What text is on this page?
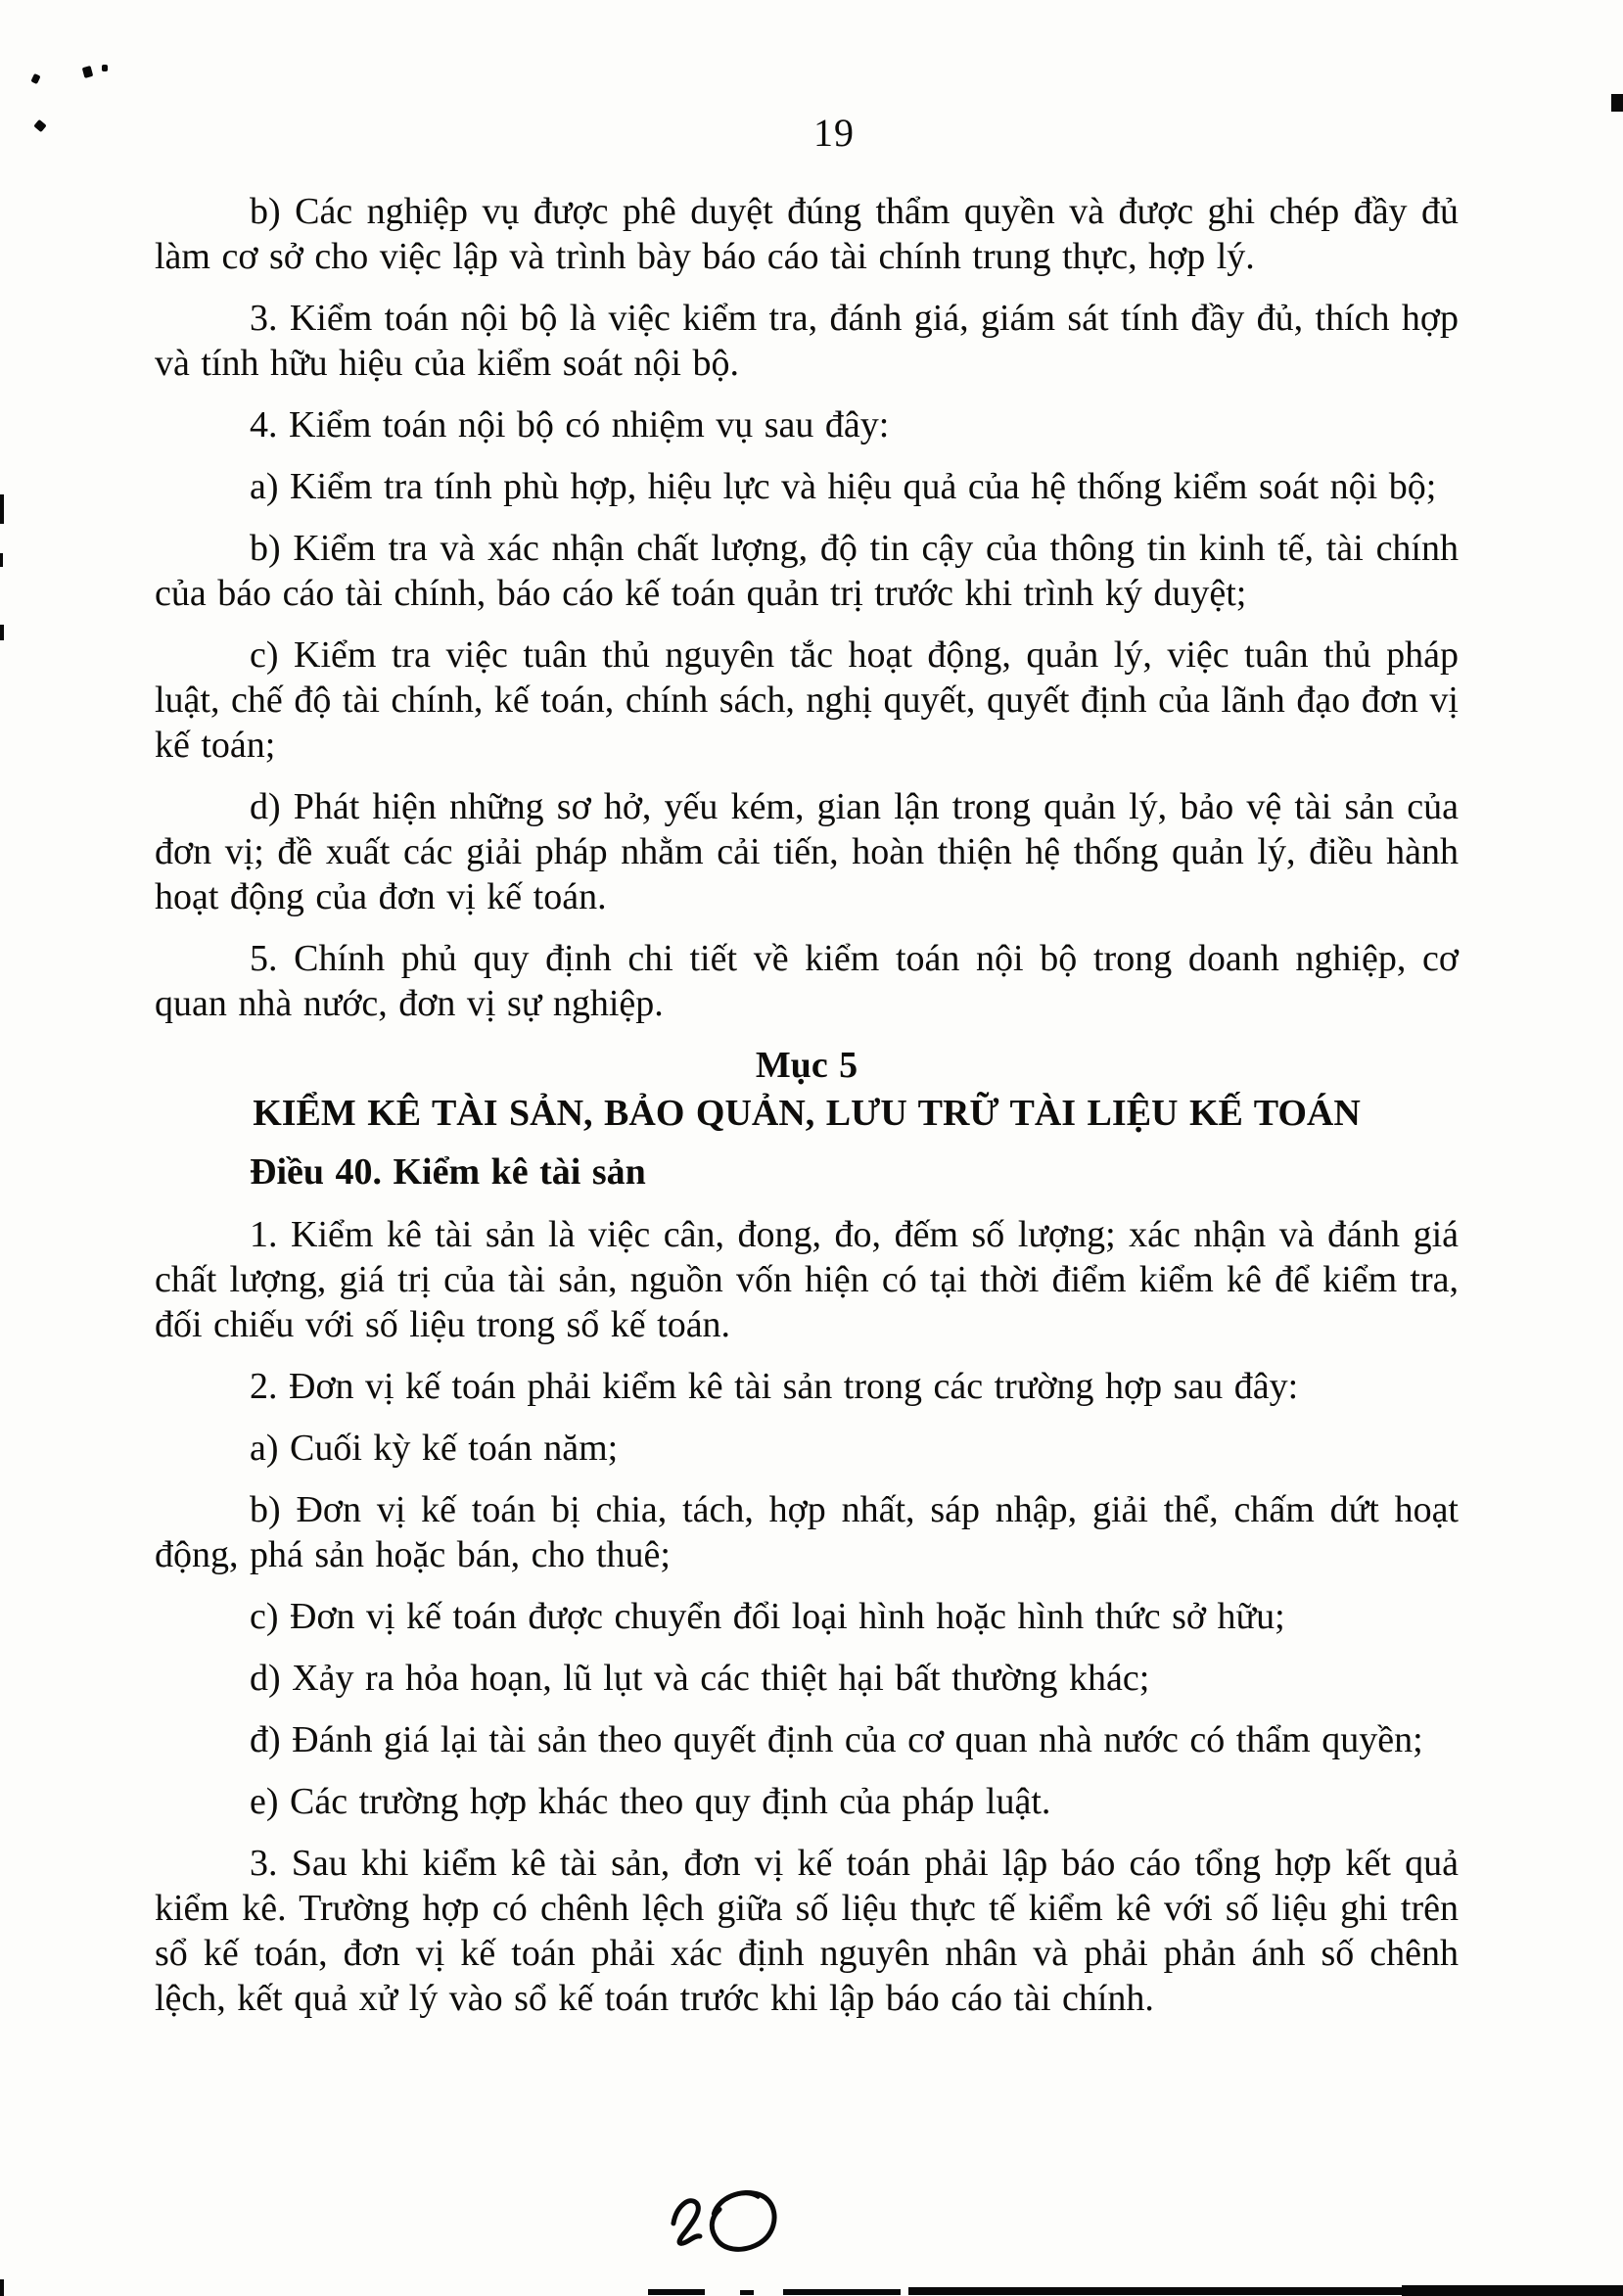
19

b) Các nghiệp vụ được phê duyệt đúng thẩm quyền và được ghi chép đầy đủ làm cơ sở cho việc lập và trình bày báo cáo tài chính trung thực, hợp lý.

3. Kiểm toán nội bộ là việc kiểm tra, đánh giá, giám sát tính đầy đủ, thích hợp và tính hữu hiệu của kiểm soát nội bộ.

4. Kiểm toán nội bộ có nhiệm vụ sau đây:

a) Kiểm tra tính phù hợp, hiệu lực và hiệu quả của hệ thống kiểm soát nội bộ;

b) Kiểm tra và xác nhận chất lượng, độ tin cậy của thông tin kinh tế, tài chính của báo cáo tài chính, báo cáo kế toán quản trị trước khi trình ký duyệt;

c) Kiểm tra việc tuân thủ nguyên tắc hoạt động, quản lý, việc tuân thủ pháp luật, chế độ tài chính, kế toán, chính sách, nghị quyết, quyết định của lãnh đạo đơn vị kế toán;

d) Phát hiện những sơ hở, yếu kém, gian lận trong quản lý, bảo vệ tài sản của đơn vị; đề xuất các giải pháp nhằm cải tiến, hoàn thiện hệ thống quản lý, điều hành hoạt động của đơn vị kế toán.

5. Chính phủ quy định chi tiết về kiểm toán nội bộ trong doanh nghiệp, cơ quan nhà nước, đơn vị sự nghiệp.

Mục 5

KIỂM KÊ TÀI SẢN, BẢO QUẢN, LƯU TRỮ TÀI LIỆU KẾ TOÁN

Điều 40. Kiểm kê tài sản

1. Kiểm kê tài sản là việc cân, đong, đo, đếm số lượng; xác nhận và đánh giá chất lượng, giá trị của tài sản, nguồn vốn hiện có tại thời điểm kiểm kê để kiểm tra, đối chiếu với số liệu trong sổ kế toán.

2. Đơn vị kế toán phải kiểm kê tài sản trong các trường hợp sau đây:

a) Cuối kỳ kế toán năm;

b) Đơn vị kế toán bị chia, tách, hợp nhất, sáp nhập, giải thể, chấm dứt hoạt động, phá sản hoặc bán, cho thuê;

c) Đơn vị kế toán được chuyển đổi loại hình hoặc hình thức sở hữu;

d) Xảy ra hỏa hoạn, lũ lụt và các thiệt hại bất thường khác;

đ) Đánh giá lại tài sản theo quyết định của cơ quan nhà nước có thẩm quyền;

e) Các trường hợp khác theo quy định của pháp luật.

3. Sau khi kiểm kê tài sản, đơn vị kế toán phải lập báo cáo tổng hợp kết quả kiểm kê. Trường hợp có chênh lệch giữa số liệu thực tế kiểm kê với số liệu ghi trên sổ kế toán, đơn vị kế toán phải xác định nguyên nhân và phải phản ánh số chênh lệch, kết quả xử lý vào sổ kế toán trước khi lập báo cáo tài chính.
